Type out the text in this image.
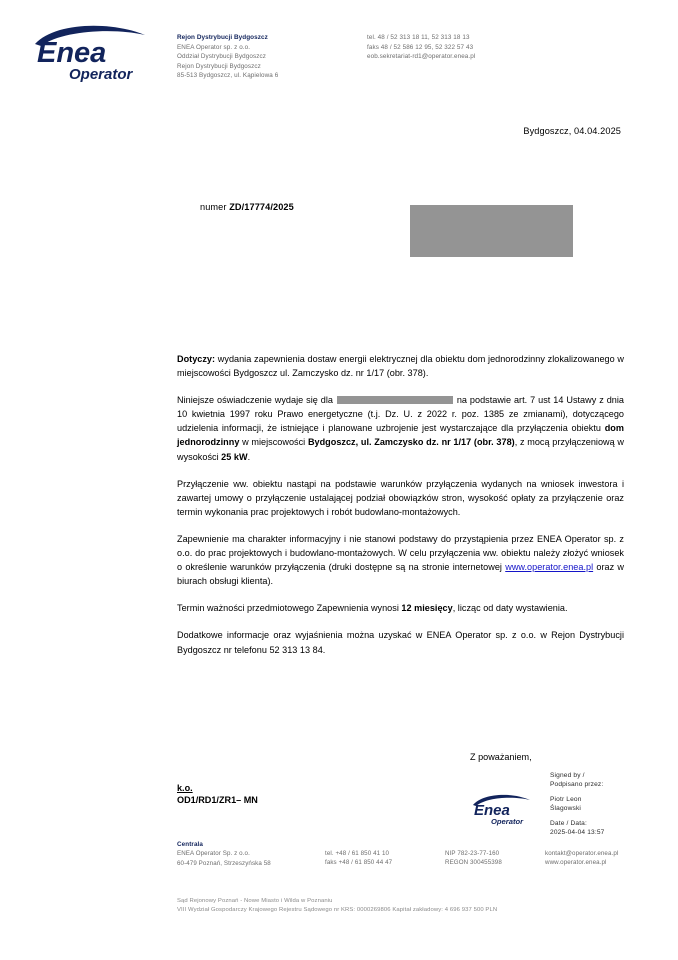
Enea
Operator
Rejon Dystrybucji Bydgoszcz
ENEA Operator sp. z o.o.
Oddział Dystrybucji Bydgoszcz
Rejon Dystrybucji Bydgoszcz
85-513 Bydgoszcz, ul. Kąpielowa 6
tel. 48 / 52 313 18 11, 52 313 18 13
faks 48 / 52 586 12 95, 52 322 57 43
eob.sekretariat-rd1@operator.enea.pl
Bydgoszcz, 04.04.2025
numer ZD/17774/2025

Dotyczy: wydania zapewnienia dostaw energii elektrycznej dla obiektu dom jednorodzinny zlokalizowanego w miejscowości Bydgoszcz ul. Zamczysko dz. nr 1/17 (obr. 378).

Niniejsze oświadczenie wydaje się dla	na podstawie art. 7 ust 14 Ustawy z dnia 10 kwietnia 1997 roku Prawo energetyczne (t.j. Dz. U. z 2022 r. poz. 1385 ze zmianami), dotyczącego udzielenia informacji, że istniejące i planowane uzbrojenie jest wystarczające dla przyłączenia obiektu dom jednorodzinny w miejscowości Bydgoszcz, ul. Zamczysko dz. nr 1/17 (obr. 378), z mocą przyłączeniową w wysokości 25 kW.

Przyłączenie ww. obiektu nastąpi na podstawie warunków przyłączenia wydanych na wniosek inwestora i zawartej umowy o przyłączenie ustalającej podział obowiązków stron, wysokość opłaty za przyłączenie oraz termin wykonania prac projektowych i robót budowlano-montażowych.

Zapewnienie ma charakter informacyjny i nie stanowi podstawy do przystąpienia przez ENEA Operator sp. z o.o. do prac projektowych i budowlano-montażowych. W celu przyłączenia ww. obiektu należy złożyć wniosek o określenie warunków przyłączenia (druki dostępne są na stronie internetowej www.operator.enea.pl oraz w biurach obsługi klienta).

Termin ważności przedmiotowego Zapewnienia wynosi 12 miesięcy, licząc od daty wystawienia.

Dodatkowe informacje oraz wyjaśnienia można uzyskać w ENEA Operator sp. z o.o. w Rejon Dystrybucji Bydgoszcz nr telefonu 52 313 13 84.

Z poważaniem,
k.o.
OD1/RD1/ZR1– MN
Enea
Operator
Signed by /
Podpisano przez:
Piotr Leon
Ślagowski
Date / Data:
2025-04-04 13:57
Centrala
ENEA Operator Sp. z o.o.
60-479 Poznań, Strzeszyńska 58
tel. +48 / 61 850 41 10
faks +48 / 61 850 44 47
NIP 782-23-77-160
REGON 300455398
kontakt@operator.enea.pl
www.operator.enea.pl
Sąd Rejonowy Poznań - Nowe Miasto i Wilda w Poznaniu
VIII Wydział Gospodarczy Krajowego Rejestru Sądowego nr KRS: 0000269806 Kapitał zakładowy: 4 696 937 500 PLN
